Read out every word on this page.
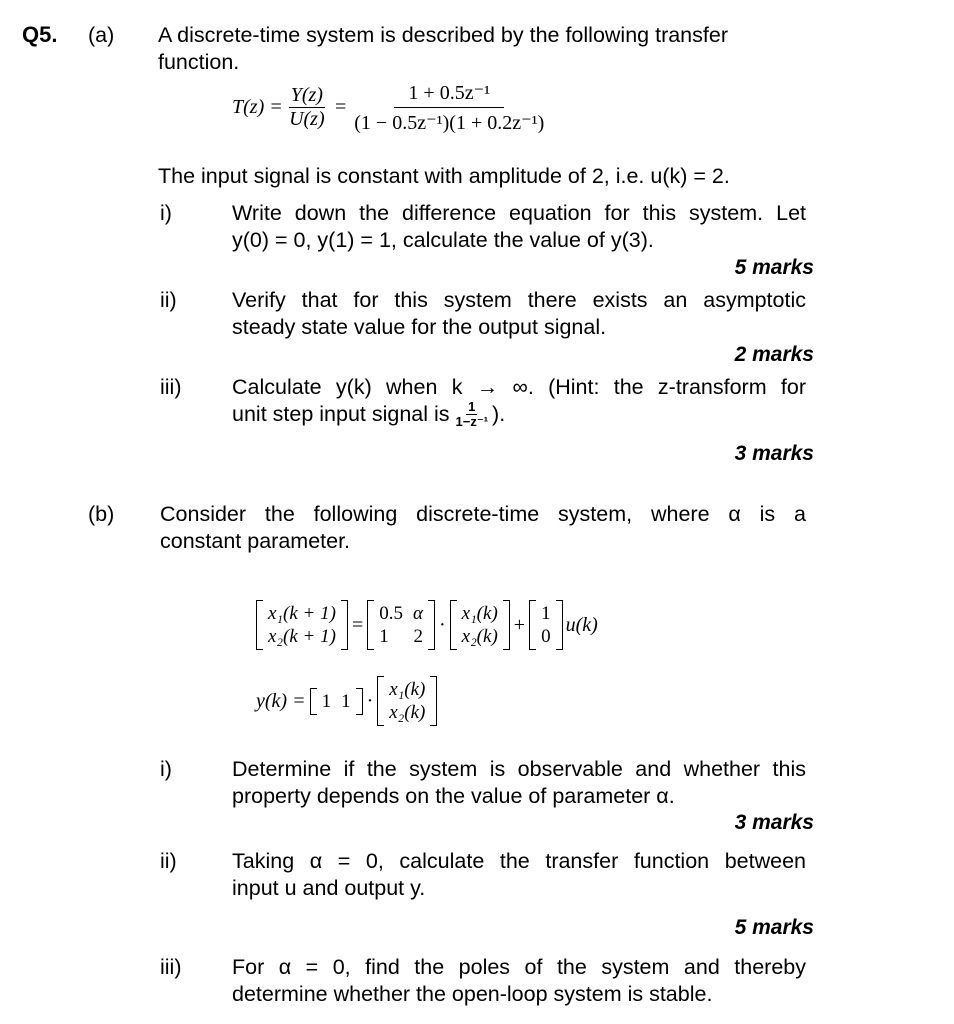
Q5. (a) A discrete-time system is described by the following transfer function.
$T(z) = \frac{Y(z)}{U(z)} = \frac{\text{1 + 0.5z⁻¹}}{\text{(1 − 0.5z⁻¹)(1 + 0.2z⁻¹)}}$
The input signal is constant with amplitude of 2, i.e. u(k) = 2.
i)	Write down the difference equation for this system. Let
y(0) = 0, y(1) = 1, calculate the value of y(3).
5 marks
ii)	Verify that for this system there exists an asymptotic
steady state value for the output signal.
2 marks
iii) Calculate y(k) when k → ∞. (Hint: the z-transform for
unit step input signal is $\frac{1}{\text{1−z⁻¹}}$ ).
3 marks
(b) Consider the following discrete-time system, where α is a
constant parameter.
x₁(k + 1)
x₂(k + 1)
= 0.5	α
1	2
· x₁(k)
x₂(k)
+ 1
0
u(k)
y(k) = 1	1 · x₁(k)
x₂(k)
i)	Determine if the system is observable and whether this
property depends on the value of parameter α.
3 marks
ii)	Taking α = 0, calculate the transfer function between
input u and output y.
5 marks
iii) For α = 0, find the poles of the system and thereby
determine whether the open-loop system is stable.
